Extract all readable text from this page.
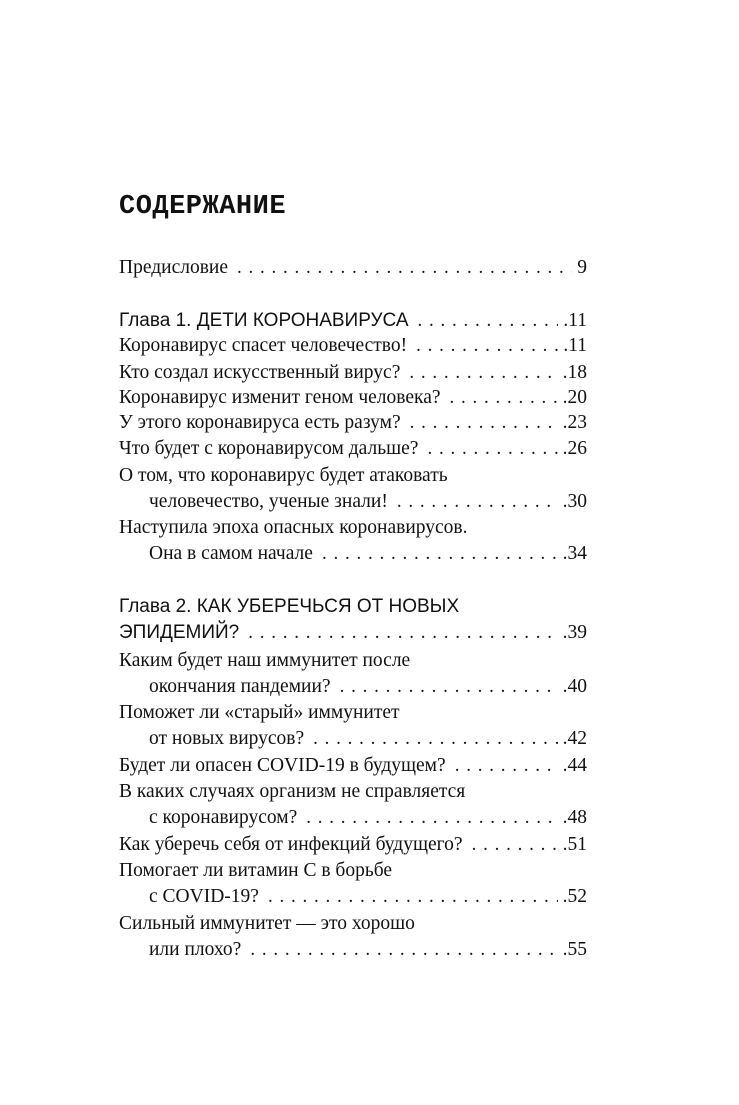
СОДЕРЖАНИЕ
Предисловие . . .	9
Глава 1. ДЕТИ КОРОНАВИРУСА . . .	.11
Коронавирус спасет человечество! . . .	.11
Кто создал искусственный вирус? . . .	.18
Коронавирус изменит геном человека? . . .	.20
У этого коронавируса есть разум? . . .	.23
Что будет с коронавирусом дальше? . . .	.26
О том, что коронавирус будет атаковать
человечество, ученые знали! . . .	.30
Наступила эпоха опасных коронавирусов.
Она в самом начале . . .	.34
Глава 2. КАК УБЕРЕЧЬСЯ ОТ НОВЫХ
ЭПИДЕМИЙ? . . .	.39
Каким будет наш иммунитет после
окончания пандемии? . . .	.40
Поможет ли «старый» иммунитет
от новых вирусов? . . .	.42
Будет ли опасен COVID-19 в будущем? . . .	.44
В каких случаях организм не справляется
с коронавирусом? . . .	.48
Как уберечь себя от инфекций будущего? . . .	.51
Помогает ли витамин С в борьбе
с COVID-19? . . .	.52
Сильный иммунитет — это хорошо
или плохо? . . .	.55
